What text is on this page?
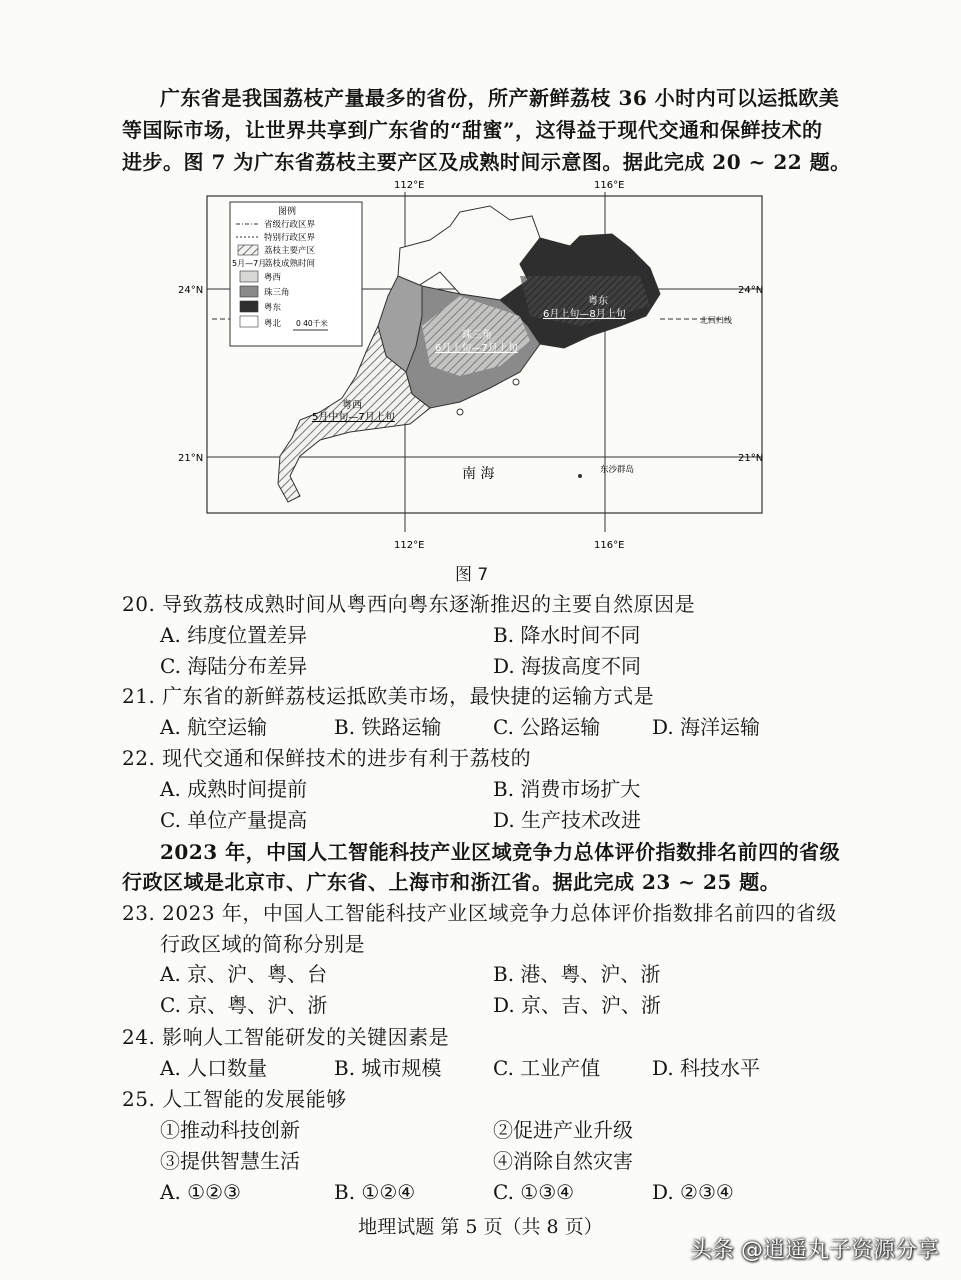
广东省是我国荔枝产量最多的省份，所产新鲜荔枝 36 小时内可以运抵欧美
等国际市场，让世界共享到广东省的“甜蜜”，这得益于现代交通和保鲜技术的
进步。图 7 为广东省荔枝主要产区及成熟时间示意图。据此完成 20 ~ 22 题。
图例
省级行政区界
特别行政区界
荔枝主要产区
5月—7月
荔枝成熟时间
粤西
珠三角
粤东
粤北 0 40千米
112°E	116°E
112°E	116°E
24°N	24°N
21°N	21°N
粤东
6月上旬—8月上旬
珠三角
6月上旬—7月上旬
粤西
5月中旬—7月上旬
北回归线
南 海	东沙群岛
图 7
20. 导致荔枝成熟时间从粤西向粤东逐渐推迟的主要自然原因是
A. 纬度位置差异	B. 降水时间不同
C. 海陆分布差异	D. 海拔高度不同
21. 广东省的新鲜荔枝运抵欧美市场，最快捷的运输方式是
A. 航空运输	B. 铁路运输	C. 公路运输	D. 海洋运输
22. 现代交通和保鲜技术的进步有利于荔枝的
A. 成熟时间提前	B. 消费市场扩大
C. 单位产量提高	D. 生产技术改进
2023 年，中国人工智能科技产业区域竞争力总体评价指数排名前四的省级
行政区域是北京市、广东省、上海市和浙江省。据此完成 23 ~ 25 题。
23. 2023 年，中国人工智能科技产业区域竞争力总体评价指数排名前四的省级
行政区域的简称分别是
A. 京、沪、粤、台	B. 港、粤、沪、浙
C. 京、粤、沪、浙	D. 京、吉、沪、浙
24. 影响人工智能研发的关键因素是
A. 人口数量	B. 城市规模	C. 工业产值	D. 科技水平
25. 人工智能的发展能够
①推动科技创新	②促进产业升级
③提供智慧生活	④消除自然灾害
A. ①②③	B. ①②④	C. ①③④	D. ②③④
地理试题 第 5 页（共 8 页）
头条 @逍遥丸子资源分享
